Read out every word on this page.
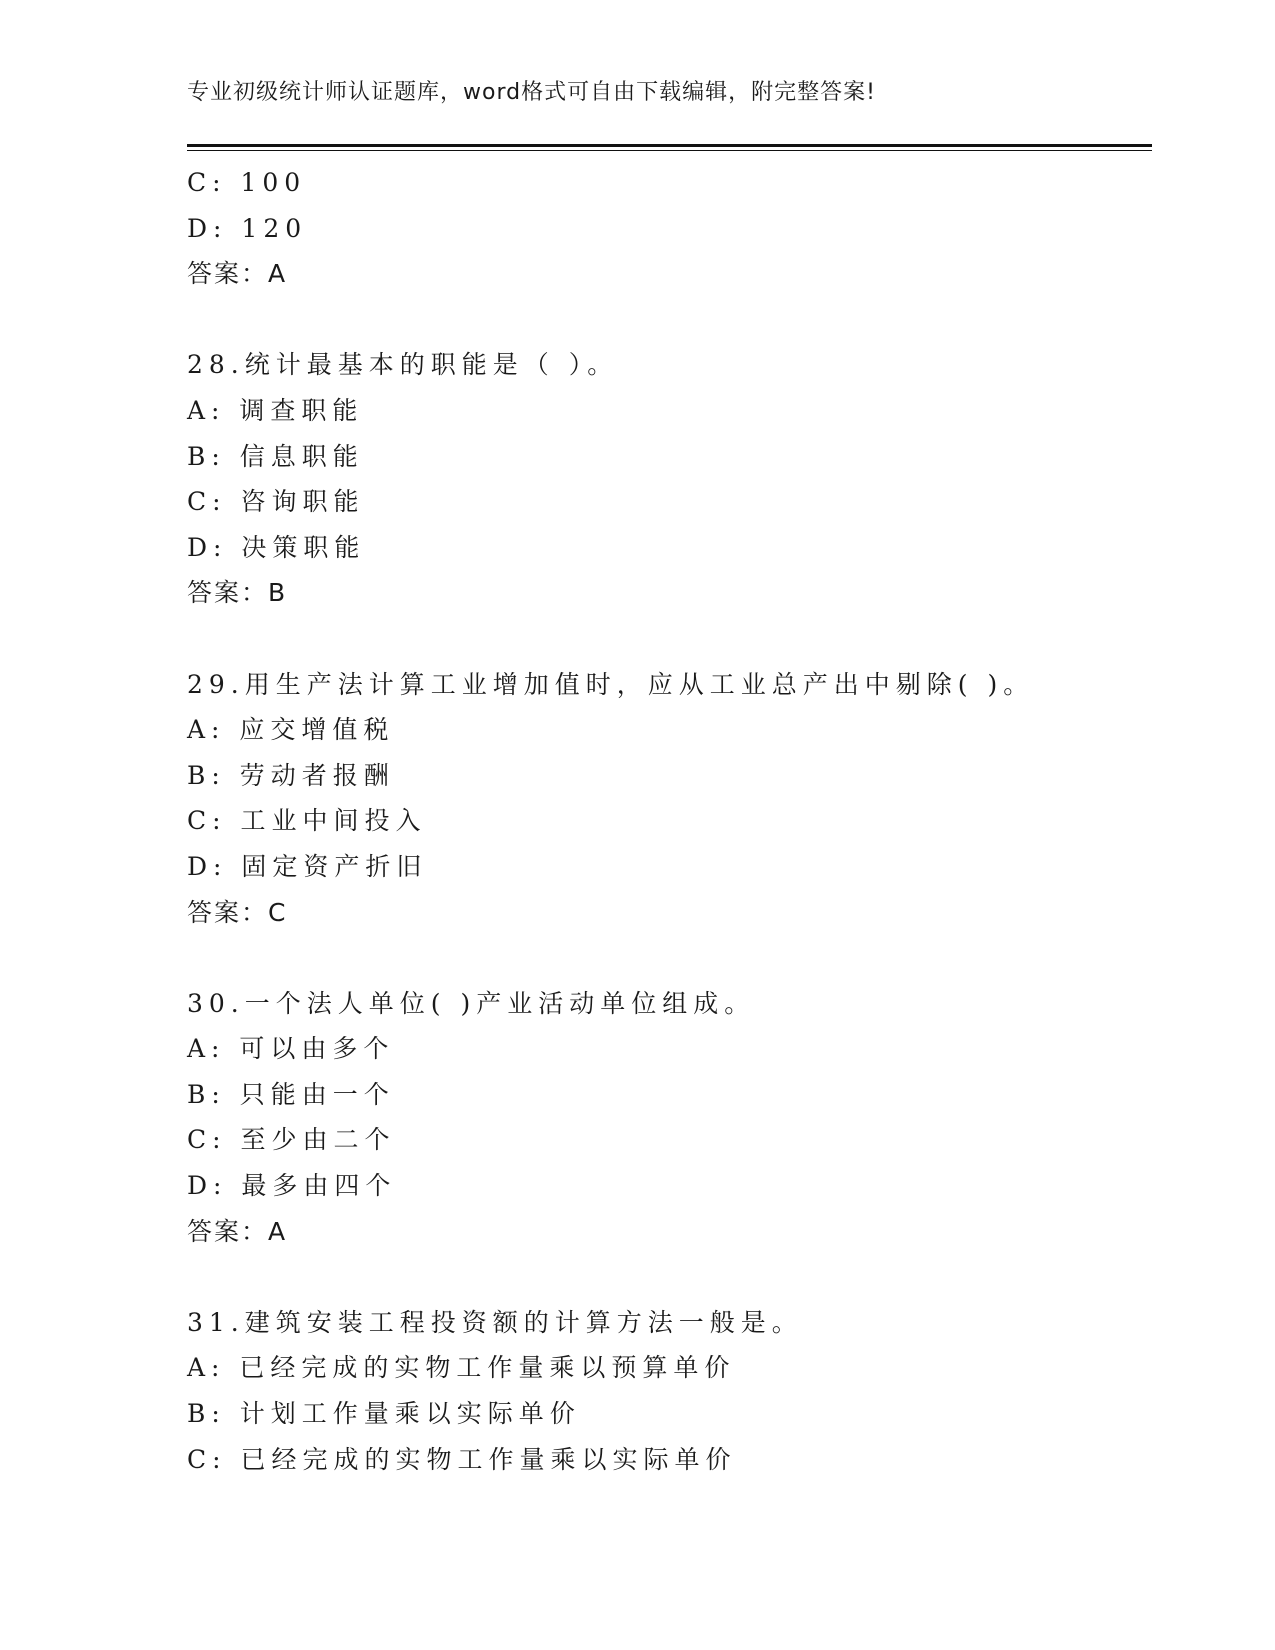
专业初级统计师认证题库，word格式可自由下载编辑，附完整答案!
C: 100
D: 120
答案：A
28.统计最基本的职能是（ ）。
A: 调查职能
B: 信息职能
C: 咨询职能
D: 决策职能
答案：B
29.用生产法计算工业增加值时，应从工业总产出中剔除( )。
A: 应交增值税
B: 劳动者报酬
C: 工业中间投入
D: 固定资产折旧
答案：C
30.一个法人单位( )产业活动单位组成。
A: 可以由多个
B: 只能由一个
C: 至少由二个
D: 最多由四个
答案：A
31.建筑安装工程投资额的计算方法一般是。
A: 已经完成的实物工作量乘以预算单价
B: 计划工作量乘以实际单价
C: 已经完成的实物工作量乘以实际单价
